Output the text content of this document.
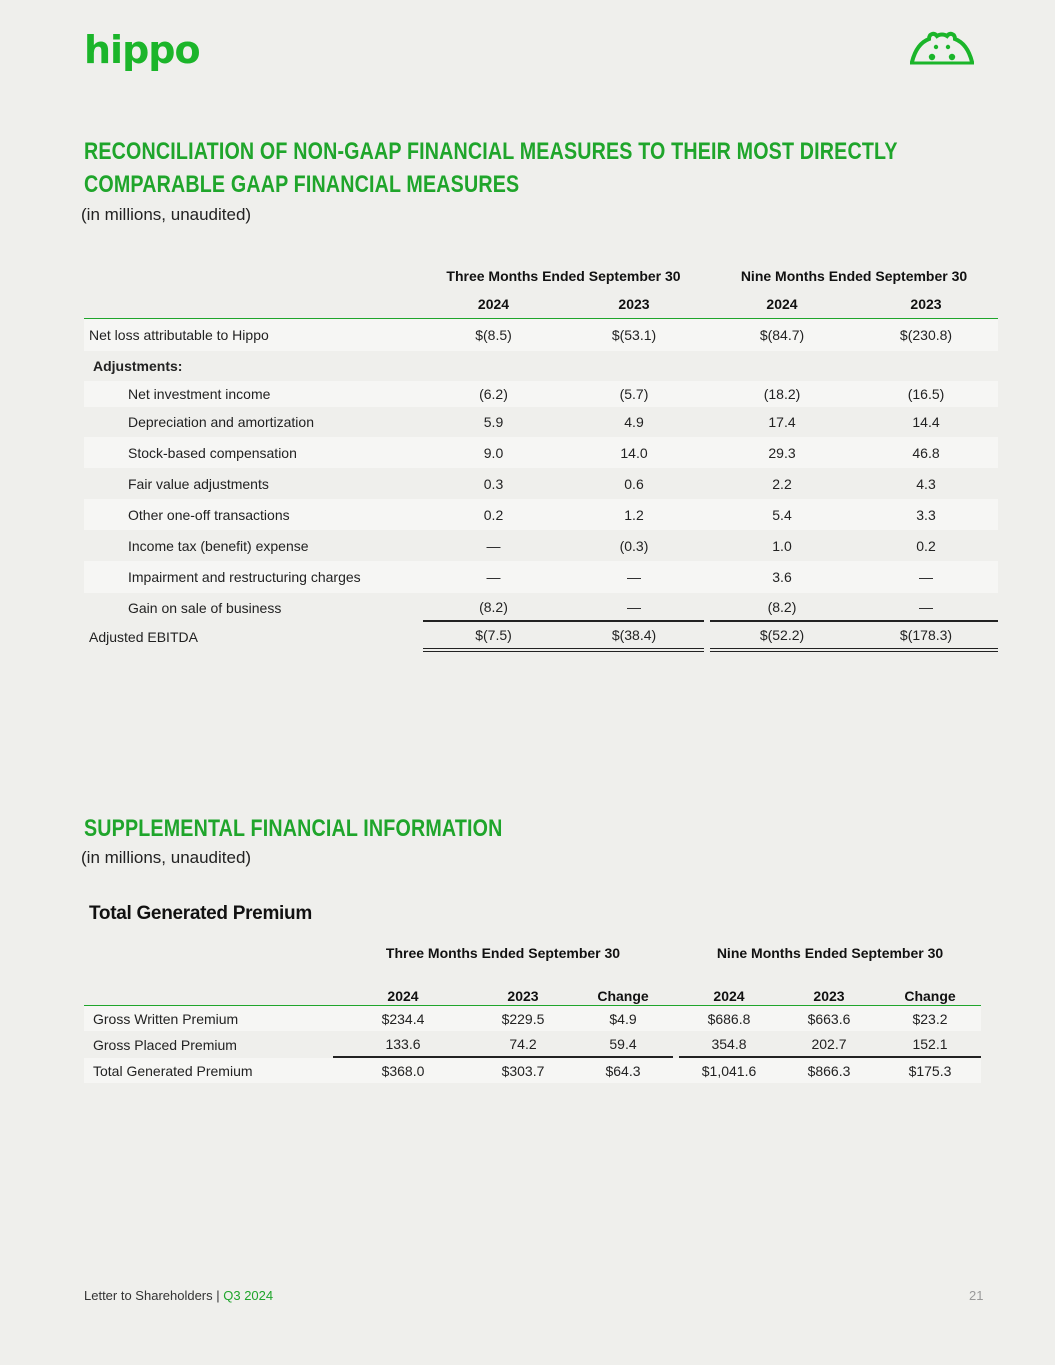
hippo
RECONCILIATION OF NON-GAAP FINANCIAL MEASURES TO THEIR MOST DIRECTLY
COMPARABLE GAAP FINANCIAL MEASURES
(in millions, unaudited)
	Three Months Ended September 30			Nine Months Ended September 30	
	2024	2023		2024	2023
Net loss attributable to Hippo	$(8.5)	$(53.1)		$(84.7)	$(230.8)
Adjustments:					
Net investment income	(6.2)	(5.7)		(18.2)	(16.5)
Depreciation and amortization	5.9	4.9		17.4	14.4
Stock-based compensation	9.0	14.0		29.3	46.8
Fair value adjustments	0.3	0.6		2.2	4.3
Other one-off transactions	0.2	1.2		5.4	3.3
Income tax (benefit) expense	—	(0.3)		1.0	0.2
Impairment and restructuring charges	—	—		3.6	—
Gain on sale of business	(8.2)	—		(8.2)	—
Adjusted EBITDA	$(7.5)	$(38.4)		$(52.2)	$(178.3)
SUPPLEMENTAL FINANCIAL INFORMATION
(in millions, unaudited)
Total Generated Premium
	Three Months Ended September 30				Nine Months Ended September 30		
	2024	2023	Change		2024	2023	Change
Gross Written Premium	$234.4	$229.5	$4.9		$686.8	$663.6	$23.2
Gross Placed Premium	133.6	74.2	59.4		354.8	202.7	152.1
Total Generated Premium	$368.0	$303.7	$64.3		$1,041.6	$866.3	$175.3
Letter to Shareholders | Q3 2024	21
